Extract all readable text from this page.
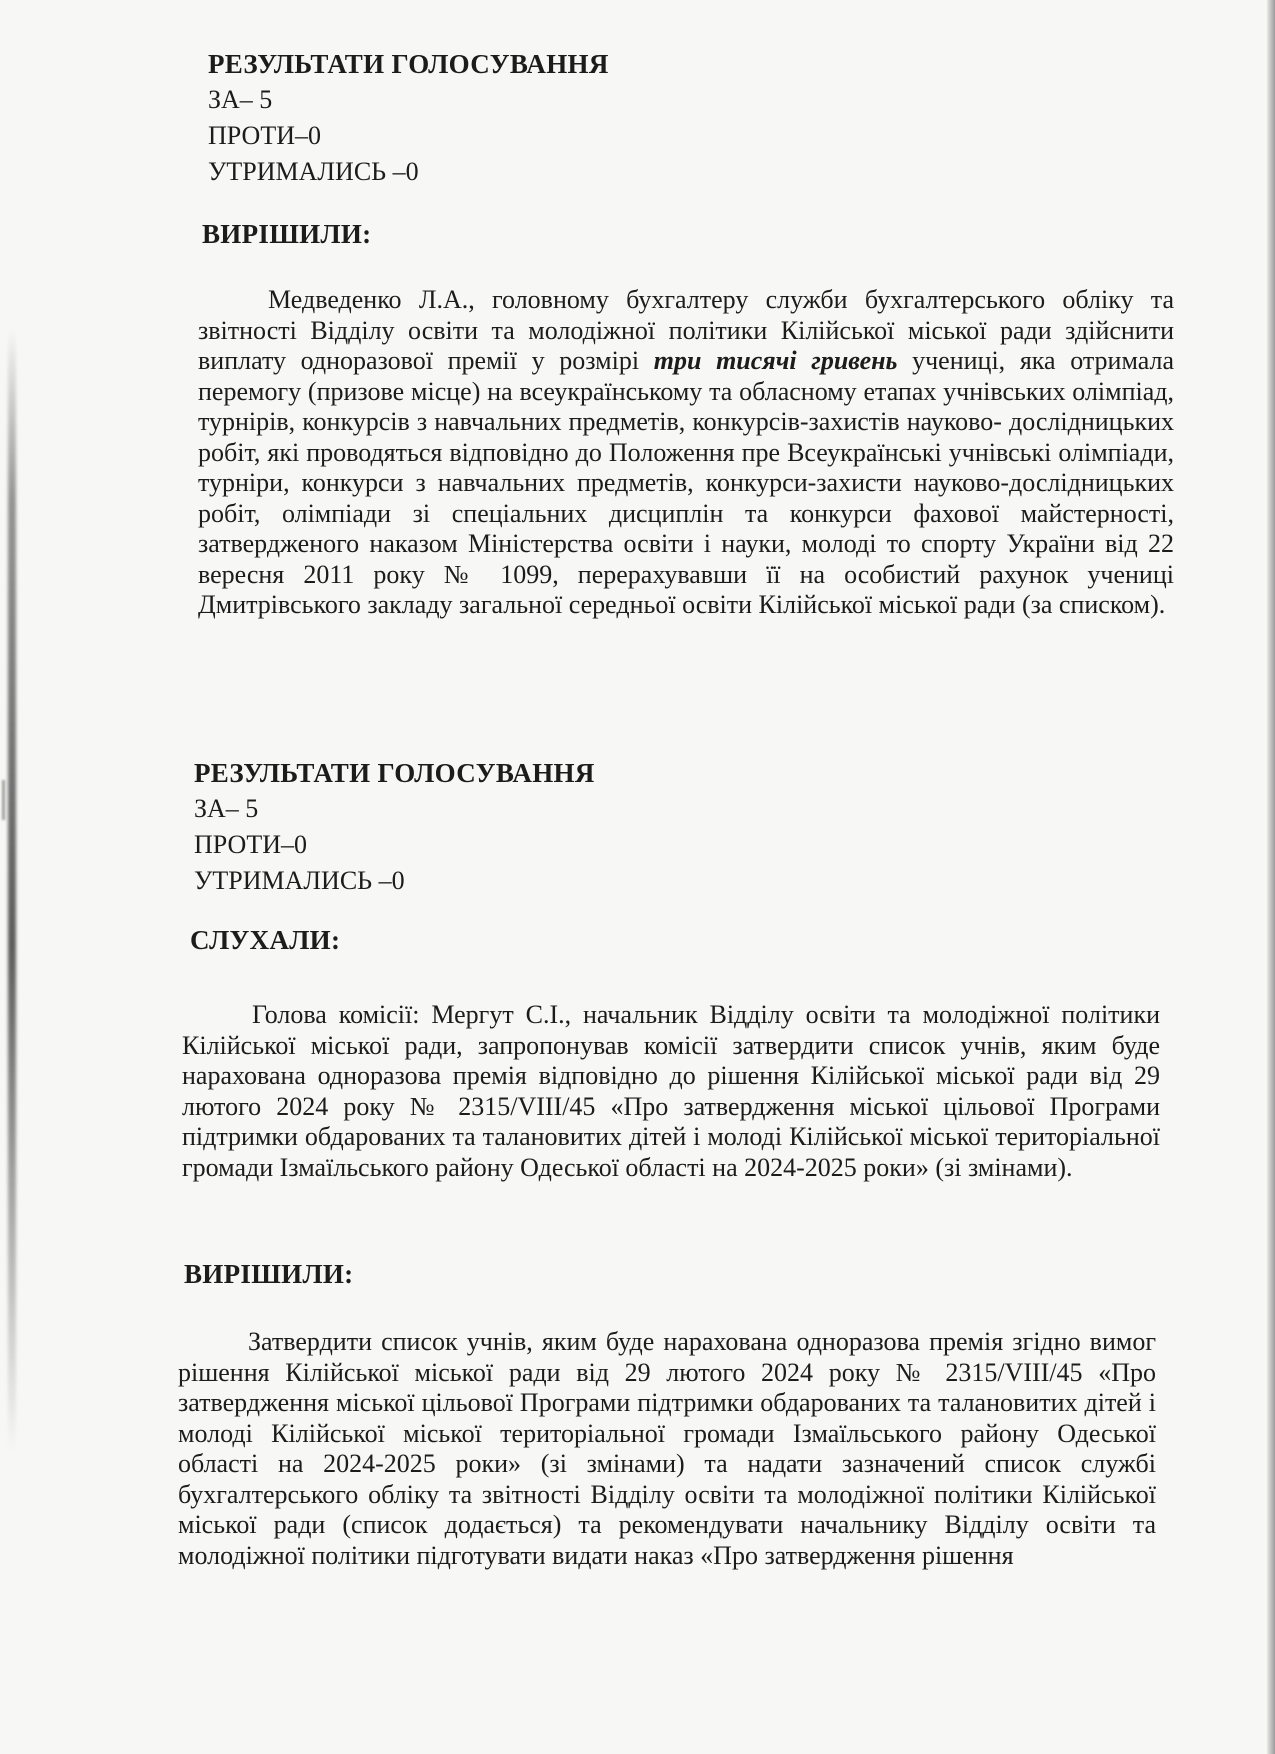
РЕЗУЛЬТАТИ ГОЛОСУВАННЯ
ЗА– 5
ПРОТИ–0
УТРИМАЛИСЬ –0
ВИРІШИЛИ:
Медведенко Л.А., головному бухгалтеру служби бухгалтерського обліку та звітності Відділу освіти та молодіжної політики Кілійської міської ради здійснити виплату одноразової премії у розмірі три тисячі гривень учениці, яка отримала перемогу (призове місце) на всеукраїнському та обласному етапах учнівських олімпіад, турнірів, конкурсів з навчальних предметів, конкурсів-захистів науково- дослідницьких робіт, які проводяться відповідно до Положення пре Всеукраїнські учнівські олімпіади, турніри, конкурси з навчальних предметів, конкурси-захисти науково-дослідницьких робіт, олімпіади зі спеціальних дисциплін та конкурси фахової майстерності, затвердженого наказом Міністерства освіти і науки, молоді то спорту України від 22 вересня 2011 року № 1099, перерахувавши її на особистий рахунок учениці Дмитрівського закладу загальної середньої освіти Кілійської міської ради (за списком).
РЕЗУЛЬТАТИ ГОЛОСУВАННЯ
ЗА– 5
ПРОТИ–0
УТРИМАЛИСЬ –0
СЛУХАЛИ:
Голова комісії: Мергут С.І., начальник Відділу освіти та молодіжної політики Кілійської міської ради, запропонував комісії затвердити список учнів, яким буде нарахована одноразова премія відповідно до рішення Кілійської міської ради від 29 лютого 2024 року № 2315/VIII/45 «Про затвердження міської цільової Програми підтримки обдарованих та талановитих дітей і молоді Кілійської міської територіальної громади Ізмаїльського району Одеської області на 2024-2025 роки» (зі змінами).
ВИРІШИЛИ:
Затвердити список учнів, яким буде нарахована одноразова премія згідно вимог рішення Кілійської міської ради від 29 лютого 2024 року № 2315/VIII/45 «Про затвердження міської цільової Програми підтримки обдарованих та талановитих дітей і молоді Кілійської міської територіальної громади Ізмаїльського району Одеської області на 2024-2025 роки» (зі змінами) та надати зазначений список службі бухгалтерського обліку та звітності Відділу освіти та молодіжної політики Кілійської міської ради (список додається) та рекомендувати начальнику Відділу освіти та молодіжної політики підготувати видати наказ «Про затвердження рішення
